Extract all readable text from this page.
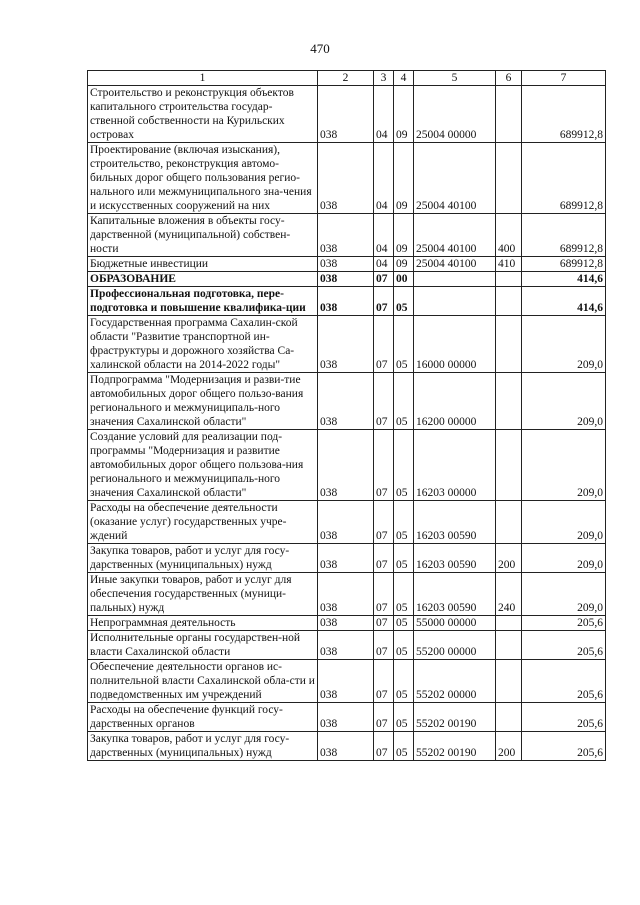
470
1	2	3	4	5	6	7
Строительство и реконструкция объектов капитального строительства государ-ственной собственности на Курильских островах	038	04	09	25004 00000		689912,8
Проектирование (включая изыскания), строительство, реконструкция автомо-бильных дорог общего пользования регио-нального или межмуниципального зна-чения и искусственных сооружений на них	038	04	09	25004 40100		689912,8
Капитальные вложения в объекты госу-дарственной (муниципальной) собствен-ности	038	04	09	25004 40100	400	689912,8
Бюджетные инвестиции	038	04	09	25004 40100	410	689912,8
ОБРАЗОВАНИЕ	038	07	00			414,6
Профессиональная подготовка, пере-подготовка и повышение квалифика-ции	038	07	05			414,6
Государственная программа Сахалин-ской области "Развитие транспортной ин-фраструктуры и дорожного хозяйства Са-халинской области на 2014-2022 годы"	038	07	05	16000 00000		209,0
Подпрограмма "Модернизация и разви-тие автомобильных дорог общего пользо-вания регионального и межмуниципаль-ного значения Сахалинской области"	038	07	05	16200 00000		209,0
Создание условий для реализации под-программы "Модернизация и развитие автомобильных дорог общего пользова-ния регионального и межмуниципаль-ного значения Сахалинской области"	038	07	05	16203 00000		209,0
Расходы на обеспечение деятельности (оказание услуг) государственных учре-ждений	038	07	05	16203 00590		209,0
Закупка товаров, работ и услуг для госу-дарственных (муниципальных) нужд	038	07	05	16203 00590	200	209,0
Иные закупки товаров, работ и услуг для обеспечения государственных (муници-пальных) нужд	038	07	05	16203 00590	240	209,0
Непрограммная деятельность	038	07	05	55000 00000		205,6
Исполнительные органы государствен-ной власти Сахалинской области	038	07	05	55200 00000		205,6
Обеспечение деятельности органов ис-полнительной власти Сахалинской обла-сти и подведомственных им учреждений	038	07	05	55202 00000		205,6
Расходы на обеспечение функций госу-дарственных органов	038	07	05	55202 00190		205,6
Закупка товаров, работ и услуг для госу-дарственных (муниципальных) нужд	038	07	05	55202 00190	200	205,6
